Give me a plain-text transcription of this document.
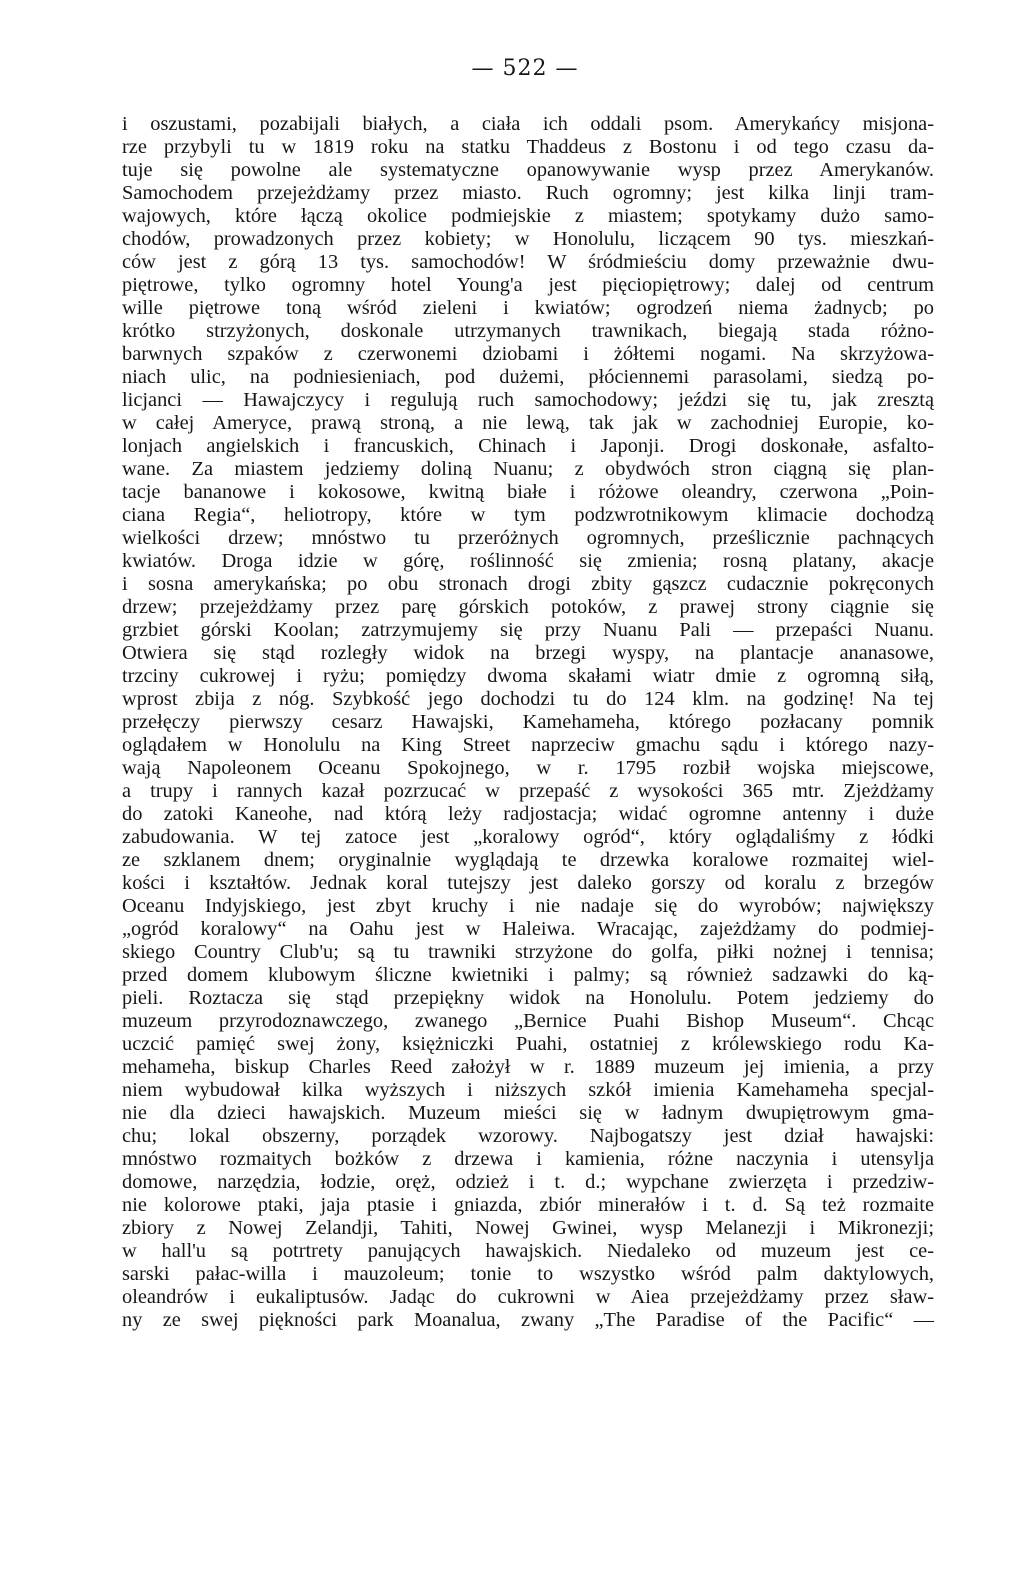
— 522 —
i oszustami, pozabijali białych, a ciała ich oddali psom. Amerykańcy misjona-
rze przybyli tu w 1819 roku na statku Thaddeus z Bostonu i od tego czasu da-
tuje się powolne ale systematyczne opanowywanie wysp przez Amerykanów.
Samochodem przejeżdżamy przez miasto. Ruch ogromny; jest kilka linji tram-
wajowych, które łączą okolice podmiejskie z miastem; spotykamy dużo samo-
chodów, prowadzonych przez kobiety; w Honolulu, liczącem 90 tys. mieszkań-
ców jest z górą 13 tys. samochodów! W śródmieściu domy przeważnie dwu-
piętrowe, tylko ogromny hotel Young'a jest pięciopiętrowy; dalej od centrum
wille piętrowe toną wśród zieleni i kwiatów; ogrodzeń niema żadnycb; po
krótko strzyżonych, doskonale utrzymanych trawnikach, biegają stada różno-
barwnych szpaków z czerwonemi dziobami i żółtemi nogami. Na skrzyżowa-
niach ulic, na podniesieniach, pod dużemi, płóciennemi parasolami, siedzą po-
licjanci — Hawajczycy i regulują ruch samochodowy; jeździ się tu, jak zresztą
w całej Ameryce, prawą stroną, a nie lewą, tak jak w zachodniej Europie, ko-
lonjach angielskich i francuskich, Chinach i Japonji. Drogi doskonałe, asfalto-
wane. Za miastem jedziemy doliną Nuanu; z obydwóch stron ciągną się plan-
tacje bananowe i kokosowe, kwitną białe i różowe oleandry, czerwona „Poin-
ciana Regia“, heliotropy, które w tym podzwrotnikowym klimacie dochodzą
wielkości drzew; mnóstwo tu przeróżnych ogromnych, prześlicznie pachnących
kwiatów. Droga idzie w górę, roślinność się zmienia; rosną platany, akacje
i sosna amerykańska; po obu stronach drogi zbity gąszcz cudacznie pokręconych
drzew; przejeżdżamy przez parę górskich potoków, z prawej strony ciągnie się
grzbiet górski Koolan; zatrzymujemy się przy Nuanu Pali — przepaści Nuanu.
Otwiera się stąd rozległy widok na brzegi wyspy, na plantacje ananasowe,
trzciny cukrowej i ryżu; pomiędzy dwoma skałami wiatr dmie z ogromną siłą,
wprost zbija z nóg. Szybkość jego dochodzi tu do 124 klm. na godzinę! Na tej
przełęczy pierwszy cesarz Hawajski, Kamehameha, którego pozłacany pomnik
oglądałem w Honolulu na King Street naprzeciw gmachu sądu i którego nazy-
wają Napoleonem Oceanu Spokojnego, w r. 1795 rozbił wojska miejscowe,
a trupy i rannych kazał pozrzucać w przepaść z wysokości 365 mtr. Zjeżdżamy
do zatoki Kaneohe, nad którą leży radjostacja; widać ogromne antenny i duże
zabudowania. W tej zatoce jest „koralowy ogród“, który oglądaliśmy z łódki
ze szklanem dnem; oryginalnie wyglądają te drzewka koralowe rozmaitej wiel-
kości i kształtów. Jednak koral tutejszy jest daleko gorszy od koralu z brzegów
Oceanu Indyjskiego, jest zbyt kruchy i nie nadaje się do wyrobów; największy
„ogród koralowy“ na Oahu jest w Haleiwa. Wracając, zajeżdżamy do podmiej-
skiego Country Club'u; są tu trawniki strzyżone do golfa, piłki nożnej i tennisa;
przed domem klubowym śliczne kwietniki i palmy; są również sadzawki do ką-
pieli. Roztacza się stąd przepiękny widok na Honolulu. Potem jedziemy do
muzeum przyrodoznawczego, zwanego „Bernice Puahi Bishop Museum“. Chcąc
uczcić pamięć swej żony, księżniczki Puahi, ostatniej z królewskiego rodu Ka-
mehameha, biskup Charles Reed założył w r. 1889 muzeum jej imienia, a przy
niem wybudował kilka wyższych i niższych szkół imienia Kamehameha specjal-
nie dla dzieci hawajskich. Muzeum mieści się w ładnym dwupiętrowym gma-
chu; lokal obszerny, porządek wzorowy. Najbogatszy jest dział hawajski:
mnóstwo rozmaitych bożków z drzewa i kamienia, różne naczynia i utensylja
domowe, narzędzia, łodzie, oręż, odzież i t. d.; wypchane zwierzęta i przedziw-
nie kolorowe ptaki, jaja ptasie i gniazda, zbiór minerałów i t. d. Są też rozmaite
zbiory z Nowej Zelandji, Tahiti, Nowej Gwinei, wysp Melanezji i Mikronezji;
w hall'u są potrtrety panujących hawajskich. Niedaleko od muzeum jest ce-
sarski pałac-willa i mauzoleum; tonie to wszystko wśród palm daktylowych,
oleandrów i eukaliptusów. Jadąc do cukrowni w Aiea przejeżdżamy przez sław-
ny ze swej piękności park Moanalua, zwany „The Paradise of the Pacific“ —
